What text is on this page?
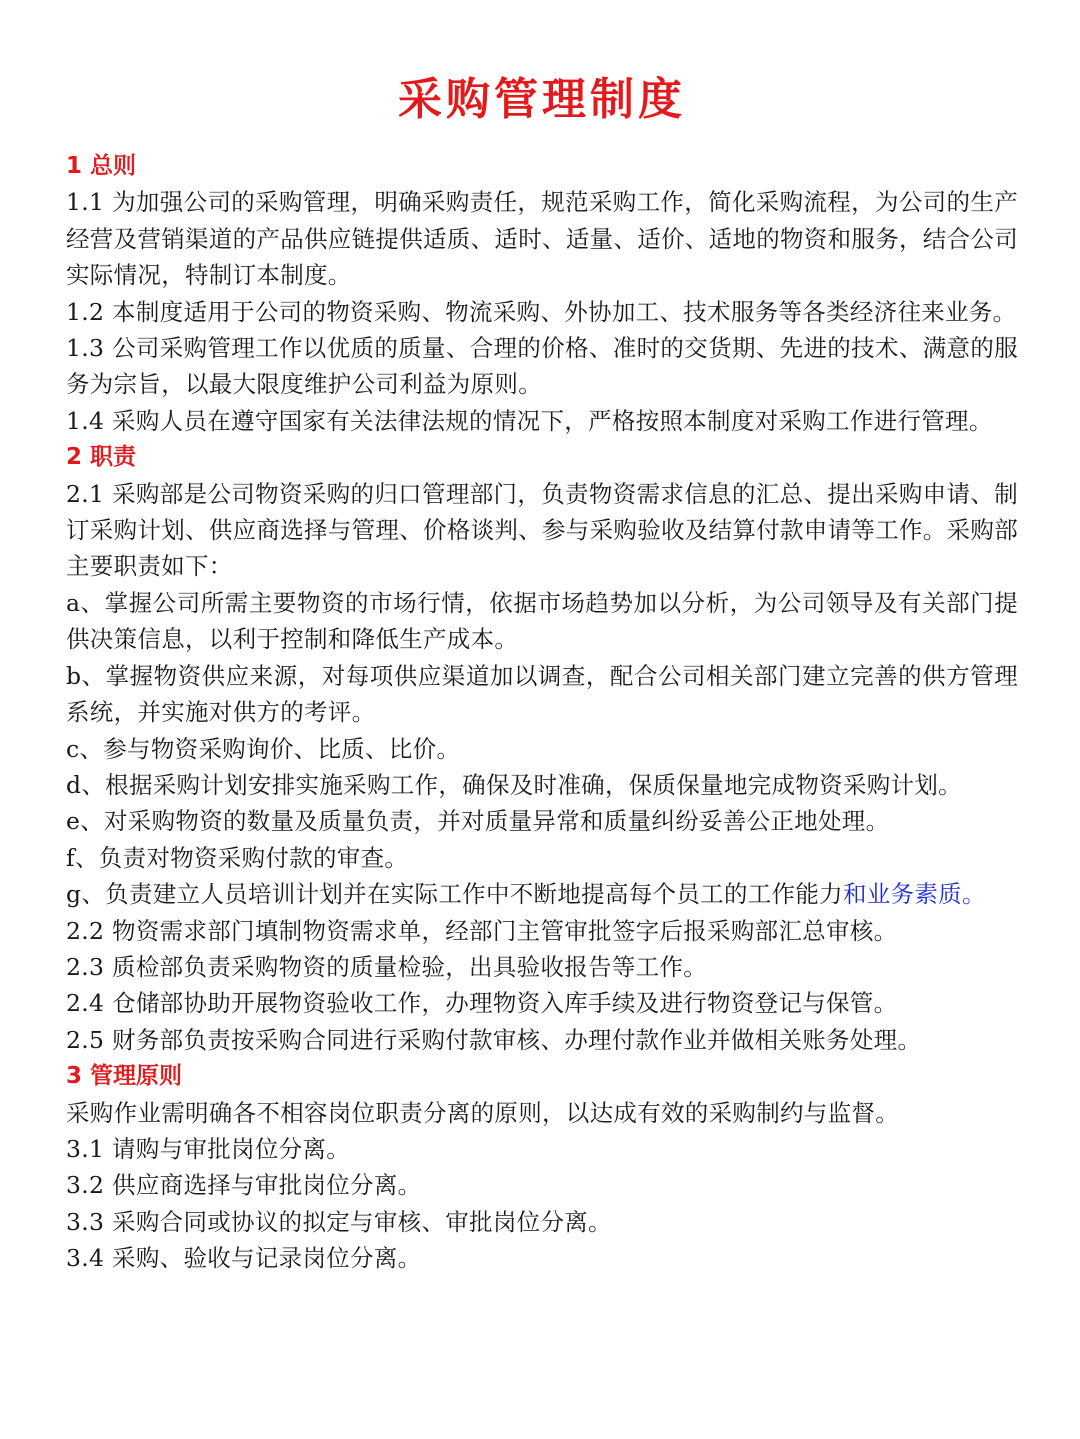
采购管理制度

1 总则

1.1 为加强公司的采购管理，明确采购责任，规范采购工作，简化采购流程，为公司的生产经营及营销渠道的产品供应链提供适质、适时、适量、适价、适地的物资和服务，结合公司实际情况，特制订本制度。

1.2 本制度适用于公司的物资采购、物流采购、外协加工、技术服务等各类经济往来业务。

1.3 公司采购管理工作以优质的质量、合理的价格、准时的交货期、先进的技术、满意的服务为宗旨，以最大限度维护公司利益为原则。

1.4 采购人员在遵守国家有关法律法规的情况下，严格按照本制度对采购工作进行管理。

2 职责

2.1 采购部是公司物资采购的归口管理部门，负责物资需求信息的汇总、提出采购申请、制订采购计划、供应商选择与管理、价格谈判、参与采购验收及结算付款申请等工作。采购部主要职责如下：

a、掌握公司所需主要物资的市场行情，依据市场趋势加以分析，为公司领导及有关部门提供决策信息，以利于控制和降低生产成本。

b、掌握物资供应来源，对每项供应渠道加以调查，配合公司相关部门建立完善的供方管理系统，并实施对供方的考评。

c、参与物资采购询价、比质、比价。

d、根据采购计划安排实施采购工作，确保及时准确，保质保量地完成物资采购计划。

e、对采购物资的数量及质量负责，并对质量异常和质量纠纷妥善公正地处理。

f、负责对物资采购付款的审查。

g、负责建立人员培训计划并在实际工作中不断地提高每个员工的工作能力和业务素质。

2.2 物资需求部门填制物资需求单，经部门主管审批签字后报采购部汇总审核。

2.3 质检部负责采购物资的质量检验，出具验收报告等工作。

2.4 仓储部协助开展物资验收工作，办理物资入库手续及进行物资登记与保管。

2.5 财务部负责按采购合同进行采购付款审核、办理付款作业并做相关账务处理。

3 管理原则

采购作业需明确各不相容岗位职责分离的原则，以达成有效的采购制约与监督。

3.1 请购与审批岗位分离。

3.2 供应商选择与审批岗位分离。

3.3 采购合同或协议的拟定与审核、审批岗位分离。

3.4 采购、验收与记录岗位分离。
